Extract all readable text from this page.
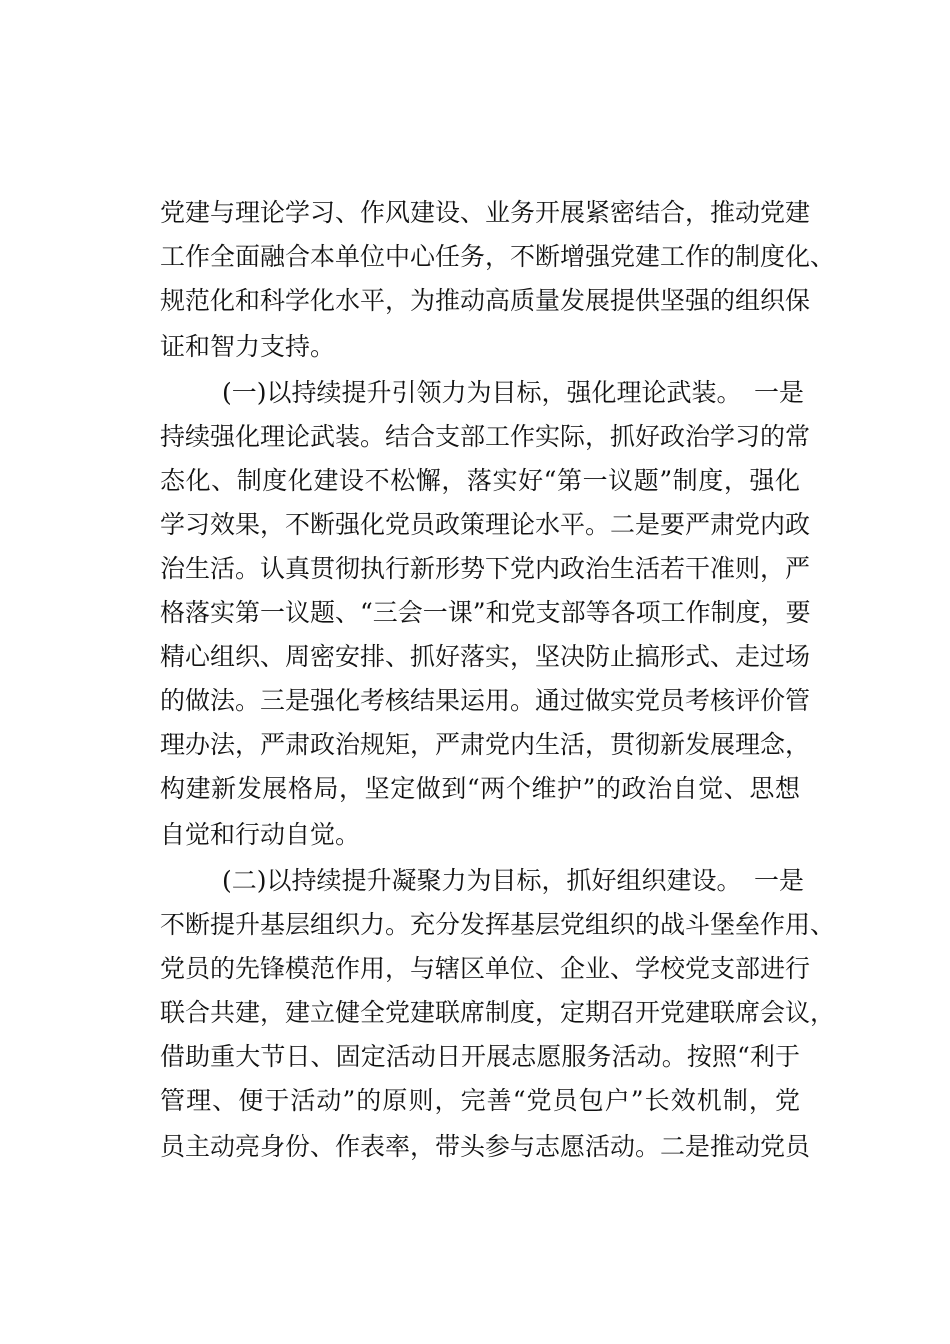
党建与理论学习、作风建设、业务开展紧密结合，推动党建
工作全面融合本单位中心任务，不断增强党建工作的制度化、
规范化和科学化水平，为推动高质量发展提供坚强的组织保
证和智力支持。
(一)以持续提升引领力为目标，强化理论武装。　一是
持续强化理论武装。结合支部工作实际，抓好政治学习的常
态化、制度化建设不松懈，落实好“第一议题”制度，强化
学习效果，不断强化党员政策理论水平。二是要严肃党内政
治生活。认真贯彻执行新形势下党内政治生活若干准则，严
格落实第一议题、“三会一课”和党支部等各项工作制度，要
精心组织、周密安排、抓好落实，坚决防止搞形式、走过场
的做法。三是强化考核结果运用。通过做实党员考核评价管
理办法，严肃政治规矩，严肃党内生活，贯彻新发展理念，
构建新发展格局，坚定做到“两个维护”的政治自觉、思想
自觉和行动自觉。
(二)以持续提升凝聚力为目标，抓好组织建设。　一是
不断提升基层组织力。充分发挥基层党组织的战斗堡垒作用、
党员的先锋模范作用，与辖区单位、企业、学校党支部进行
联合共建，建立健全党建联席制度，定期召开党建联席会议，
借助重大节日、固定活动日开展志愿服务活动。按照“利于
管理、便于活动”的原则，完善“党员包户”长效机制，党
员主动亮身份、作表率，带头参与志愿活动。二是推动党员
